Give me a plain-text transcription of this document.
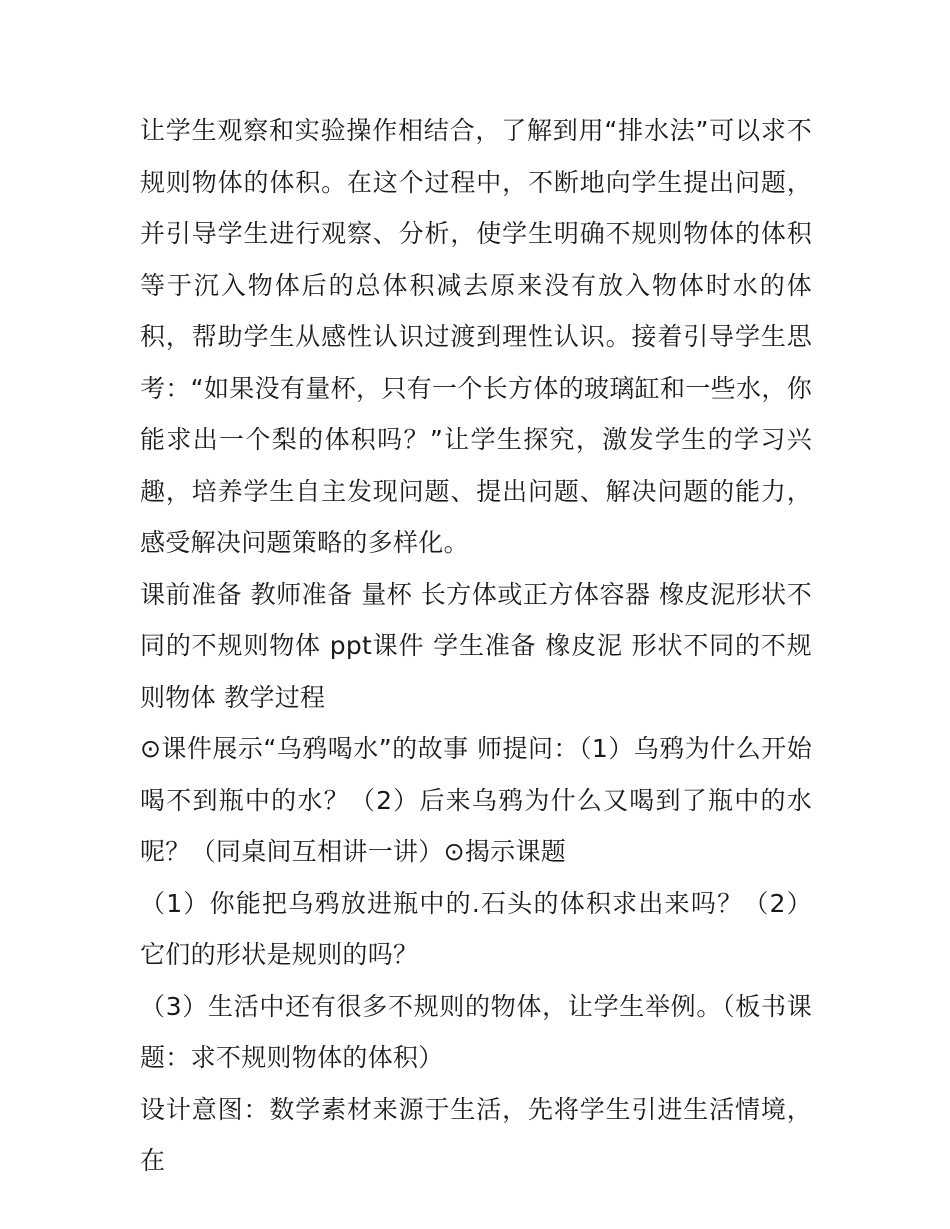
让学生观察和实验操作相结合，了解到用“排水法”可以求不规则物体的体积。在这个过程中，不断地向学生提出问题，并引导学生进行观察、分析，使学生明确不规则物体的体积等于沉入物体后的总体积减去原来没有放入物体时水的体积，帮助学生从感性认识过渡到理性认识。接着引导学生思考：“如果没有量杯，只有一个长方体的玻璃缸和一些水，你能求出一个梨的体积吗？”让学生探究，激发学生的学习兴趣，培养学生自主发现问题、提出问题、解决问题的能力，感受解决问题策略的多样化。

课前准备 教师准备 量杯 长方体或正方体容器 橡皮泥形状不同的不规则物体 ppt课件 学生准备 橡皮泥 形状不同的不规则物体 教学过程

⊙课件展示“乌鸦喝水”的故事 师提问：（1）乌鸦为什么开始喝不到瓶中的水？（2）后来乌鸦为什么又喝到了瓶中的水呢？（同桌间互相讲一讲）⊙揭示课题

（1）你能把乌鸦放进瓶中的.石头的体积求出来吗？（2）它们的形状是规则的吗？

（3）生活中还有很多不规则的物体，让学生举例。（板书课题：求不规则物体的体积）

设计意图：数学素材来源于生活，先将学生引进生活情境，在
